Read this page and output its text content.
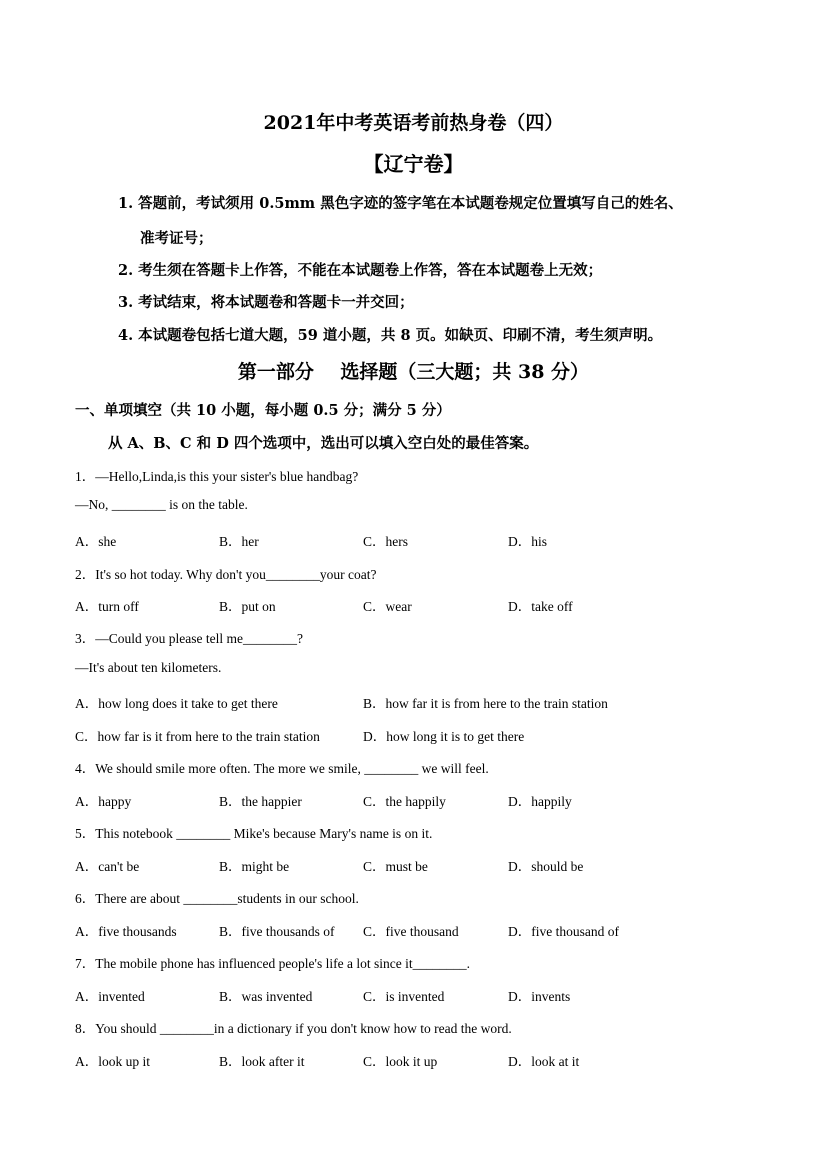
2021年中考英语考前热身卷（四）
【辽宁卷】
1. 答题前，考试须用 0.5mm 黑色字迹的签字笔在本试题卷规定位置填写自己的姓名、
准考证号；
2. 考生须在答题卡上作答，不能在本试题卷上作答，答在本试题卷上无效；
3. 考试结束，将本试题卷和答题卡一并交回；
4. 本试题卷包括七道大题，59 道小题，共 8 页。如缺页、印刷不清，考生须声明。
第一部分    选择题（三大题；共 38 分）
一、单项填空（共 10 小题，每小题 0.5 分；满分 5 分）
从 A、B、C 和 D 四个选项中，选出可以填入空白处的最佳答案。
1．—Hello,Linda,is this your sister's blue handbag?
—No, ________ is on the table.
A．she	B．her	C．hers	D．his
2．It's so hot today. Why don't you________your coat?
A．turn off	B．put on	C．wear	D．take off
3．—Could you please tell me________?
—It's about ten kilometers.
A．how long does it take to get there	B．how far it is from here to the train station
C．how far is it from here to the train station	D．how long it is to get there
4．We should smile more often. The more we smile, ________ we will feel.
A．happy	B．the happier	C．the happily	D．happily
5．This notebook ________ Mike's because Mary's name is on it.
A．can't be	B．might be	C．must be	D．should be
6．There are about ________students in our school.
A．five thousands	B．five thousands of C．five thousand	D．five thousand of
7．The mobile phone has influenced people's life a lot since it________.
A．invented	B．was invented	C．is invented	D．invents
8．You should ________in a dictionary if you don't know how to read the word.
A．look up it	B．look after it	C．look it up	D．look at it
